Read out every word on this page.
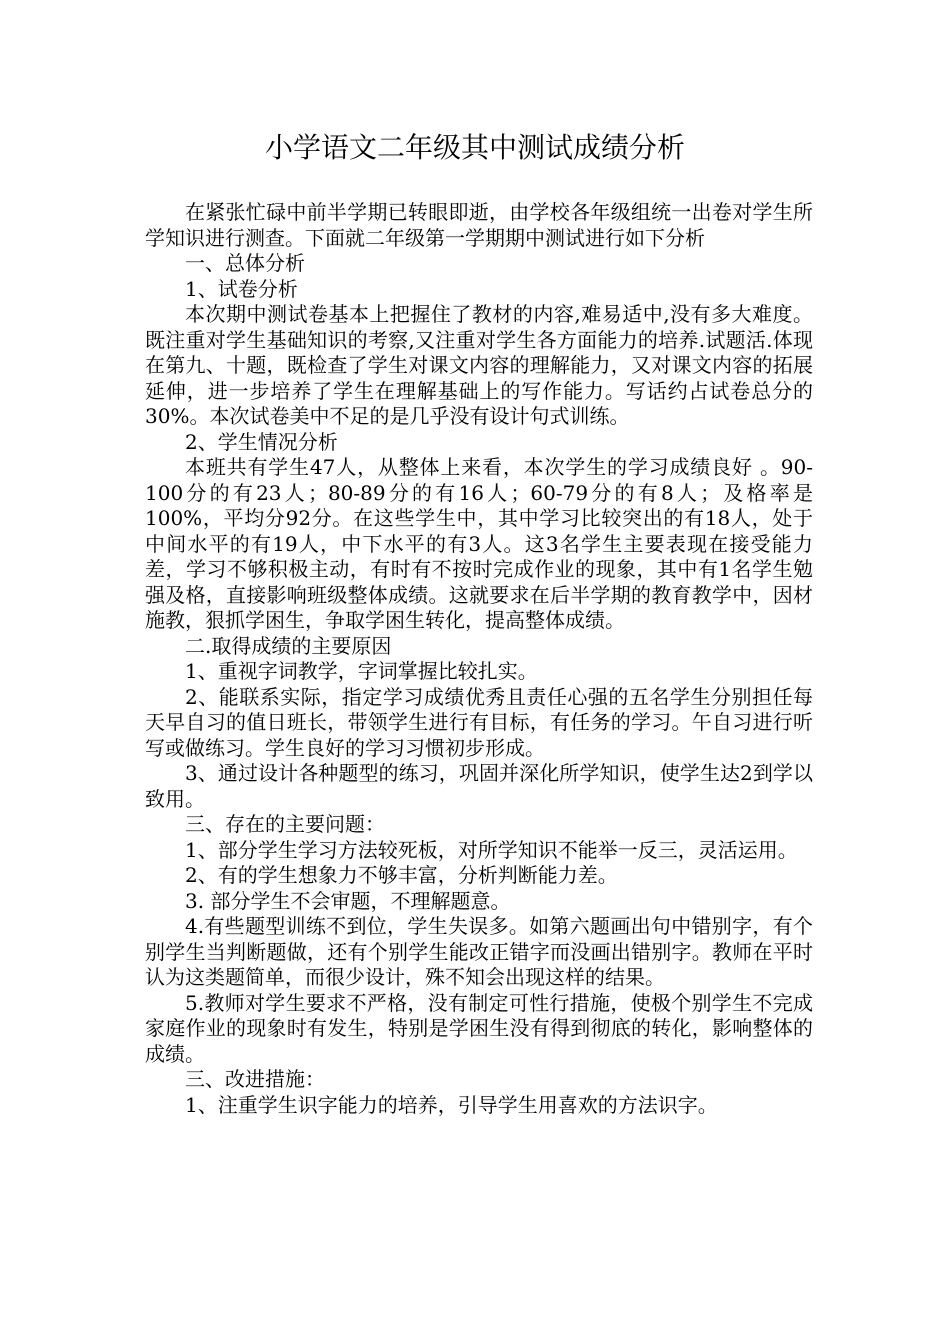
小学语文二年级其中测试成绩分析

在紧张忙碌中前半学期已转眼即逝，由学校各年级组统一出卷对学生所学知识进行测查。下面就二年级第一学期期中测试进行如下分析

一、总体分析

1、试卷分析

本次期中测试卷基本上把握住了教材的内容,难易适中,没有多大难度。既注重对学生基础知识的考察,又注重对学生各方面能力的培养.试题活.体现在第九、十题，既检查了学生对课文内容的理解能力，又对课文内容的拓展延伸，进一步培养了学生在理解基础上的写作能力。写话约占试卷总分的30%。本次试卷美中不足的是几乎没有设计句式训练。

2、学生情况分析

本班共有学生47人，从整体上来看，本次学生的学习成绩良好 。90-100分的有23人；80-89分的有16人；60-79分的有8人；及格率是100%，平均分92分。在这些学生中，其中学习比较突出的有18人，处于中间水平的有19人，中下水平的有3人。这3名学生主要表现在接受能力差，学习不够积极主动，有时有不按时完成作业的现象，其中有1名学生勉强及格，直接影响班级整体成绩。这就要求在后半学期的教育教学中，因材施教，狠抓学困生，争取学困生转化，提高整体成绩。

二.取得成绩的主要原因

1、重视字词教学，字词掌握比较扎实。

2、能联系实际，指定学习成绩优秀且责任心强的五名学生分别担任每天早自习的值日班长，带领学生进行有目标，有任务的学习。午自习进行听写或做练习。学生良好的学习习惯初步形成。

3、通过设计各种题型的练习，巩固并深化所学知识，使学生达2到学以致用。

三、存在的主要问题：

1、部分学生学习方法较死板，对所学知识不能举一反三，灵活运用。

2、有的学生想象力不够丰富，分析判断能力差。

3. 部分学生不会审题，不理解题意。

4.有些题型训练不到位，学生失误多。如第六题画出句中错别字，有个别学生当判断题做，还有个别学生能改正错字而没画出错别字。教师在平时认为这类题简单，而很少设计，殊不知会出现这样的结果。

5.教师对学生要求不严格，没有制定可性行措施，使极个别学生不完成家庭作业的现象时有发生，特别是学困生没有得到彻底的转化，影响整体的成绩。

三、改进措施：

1、注重学生识字能力的培养，引导学生用喜欢的方法识字。
